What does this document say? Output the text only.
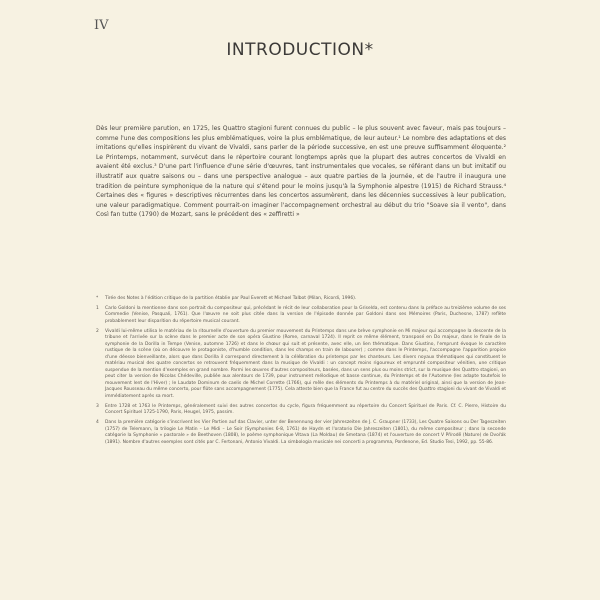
IV
INTRODUCTION*

Dès leur première parution, en 1725, les Quattro stagioni furent connues du public – le plus souvent avec faveur, mais pas toujours – comme l'une des compositions les plus emblématiques, voire la plus emblématique, de leur auteur.¹ Le nombre des adaptations et des imitations qu'elles inspirèrent du vivant de Vivaldi, sans parler de la période successive, en est une preuve suffisamment éloquente.² Le Printemps, notamment, survécut dans le répertoire courant longtemps après que la plupart des autres concertos de Vivaldi en avaient été exclus.³ D'une part l'influence d'une série d'œuvres, tant instrumentales que vocales, se référant dans un but imitatif ou illustratif aux quatre saisons ou – dans une perspective analogue – aux quatre parties de la journée, et de l'autre il inaugura une tradition de peinture symphonique de la nature qui s'étend pour le moins jusqu'à la Symphonie alpestre (1915) de Richard Strauss.⁴ Certaines des « figures » descriptives récurrentes dans les concertos assumèrent, dans les décennies successives à leur publication, une valeur paradigmatique. Comment pourrait-on imaginer l'accompagnement orchestral au début du trio "Soave sia il vento", dans Così fan tutte (1790) de Mozart, sans le précédent des « zeffiretti »

*	Tirée des Notes à l'édition critique de la partition établie par Paul Everett et Michael Talbot (Milan, Ricordi, 1996).
1	Carlo Goldoni la mentionne dans son portrait du compositeur qui, précédant le récit de leur collaboration pour la Griselda, est contenu dans la préface au treizième volume de ses Commedie (Venise, Pasquali, 1761). Que l'œuvre ne soit plus citée dans la version de l'épisode donnée par Goldoni dans ses Mémoires (Paris, Duchesne, 1787) reflète probablement leur disparition du répertoire musical courant.
2	Vivaldi lui-même utilisa le matériau de la ritournelle d'ouverture du premier mouvement du Printemps dans une brève symphonie en Mi majeur qui accompagne la descente de la tribune et l'arrivée sur la scène dans le premier acte de son opéra Giustino (Rome, carnaval 1724). Il reprit ce même élément, transposé en Do majeur, dans le finale de la symphonie de la Dorilla in Tempe (Venise, automne 1726) et dans le chœur qui suit et présente, avec elle, un lien thématique. Dans Giustino, l'emprunt évoque le caractère rustique de la scène (où on découvre le protagoniste, d'humble condition, dans les champs en train de labourer) ; comme dans le Printemps, l'accompagne l'apparition propice d'une déesse bienveillante, alors que dans Dorilla il correspond directement à la célébration du printemps par les chanteurs. Les divers noyaux thématiques qui constituent le matériau musical des quatre concertos se retrouvent fréquemment dans la musique de Vivaldi : un concept moins rigoureux et emprunté compositeur vénitien, une critique suspendue de la mention d'exemples en grand nombre. Parmi les œuvres d'autres compositeurs, basées, dans un sens plus ou moins strict, sur la musique des Quattro stagioni, on peut citer la version de Nicolas Chédeville, publiée aux alentours de 1739, pour instrument mélodique et basse continue, du Printemps et de l'Automne (les adapte toutefois le mouvement lent de l'Hiver) ; le Laudate Dominum de caelis de Michel Corrette (1766), qui mêle des éléments du Printemps à du matériel original, ainsi que la version de Jean-Jacques Rousseau du même concerto, pour flûte sans accompagnement (1775). Cela atteste bien que la France fut au centre du succès des Quattro stagioni du vivant de Vivaldi et immédiatement après sa mort.
3	Entre 1728 et 1763 le Printemps, généralement suivi des autres concertos du cycle, figura fréquemment au répertoire du Concert Spirituel de Paris. Cf. C. Pierre, Histoire du Concert Spirituel 1725-1790, Paris, Heugel, 1975, passim.
4	Dans la première catégorie s'inscrivent les Vier Partien auf das Clavier, unter der Benennung der vier Jahreszeiten de J. C. Graupner (1733), Les Quatre Saisons ou Der Tageszeiten (1757) de Telemann, la trilogie Le Matin – Le Midi – Le Soir (Symphonies 6-8, 1761) de Haydn et l'oratorio Die Jahreszeiten (1801), du même compositeur ; dans la seconde catégorie la Symphonie « pastorale » de Beethoven (1808), le poème symphonique Vltava (La Moldau) de Smetana (1874) et l'ouverture de concert V Přírodě (Nature) de Dvořák (1891). Nombre d'autres exemples sont cités par C. Fertonani, Antonio Vivaldi. La simbologia musicale nei concerti a programma, Pordenone, Ed. Studio Tesi, 1992, pp. 55-86.
